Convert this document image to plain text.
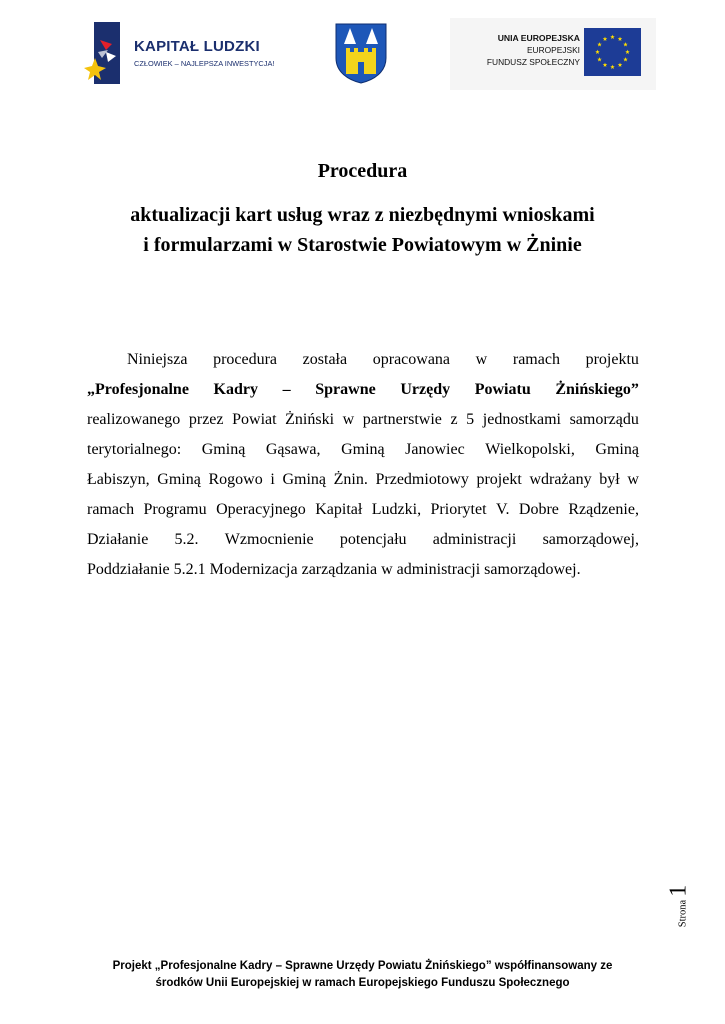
KAPITAŁ LUDZKI
CZŁOWIEK – NAJLEPSZA INWESTYCJA!
UNIA EUROPEJSKA
EUROPEJSKI
FUNDUSZ SPOŁECZNY
Procedura
aktualizacji kart usług wraz z niezbędnymi wnioskami
i formularzami w Starostwie Powiatowym w Żninie
Niniejsza procedura została opracowana w ramach projektu
„Profesjonalne Kadry – Sprawne Urzędy Powiatu Żnińskiego”
realizowanego przez Powiat Żniński w partnerstwie z 5 jednostkami samorządu
terytorialnego: Gminą Gąsawa, Gminą Janowiec Wielkopolski, Gminą
Łabiszyn, Gminą Rogowo i Gminą Żnin. Przedmiotowy projekt wdrażany był w
ramach Programu Operacyjnego Kapitał Ludzki, Priorytet V. Dobre Rządzenie,
Działanie 5.2. Wzmocnienie potencjału administracji samorządowej,
Poddziałanie 5.2.1 Modernizacja zarządzania w administracji samorządowej.
Strona
1
Projekt „Profesjonalne Kadry – Sprawne Urzędy Powiatu Żnińskiego” współfinansowany ze
środków Unii Europejskiej w ramach Europejskiego Funduszu Społecznego
